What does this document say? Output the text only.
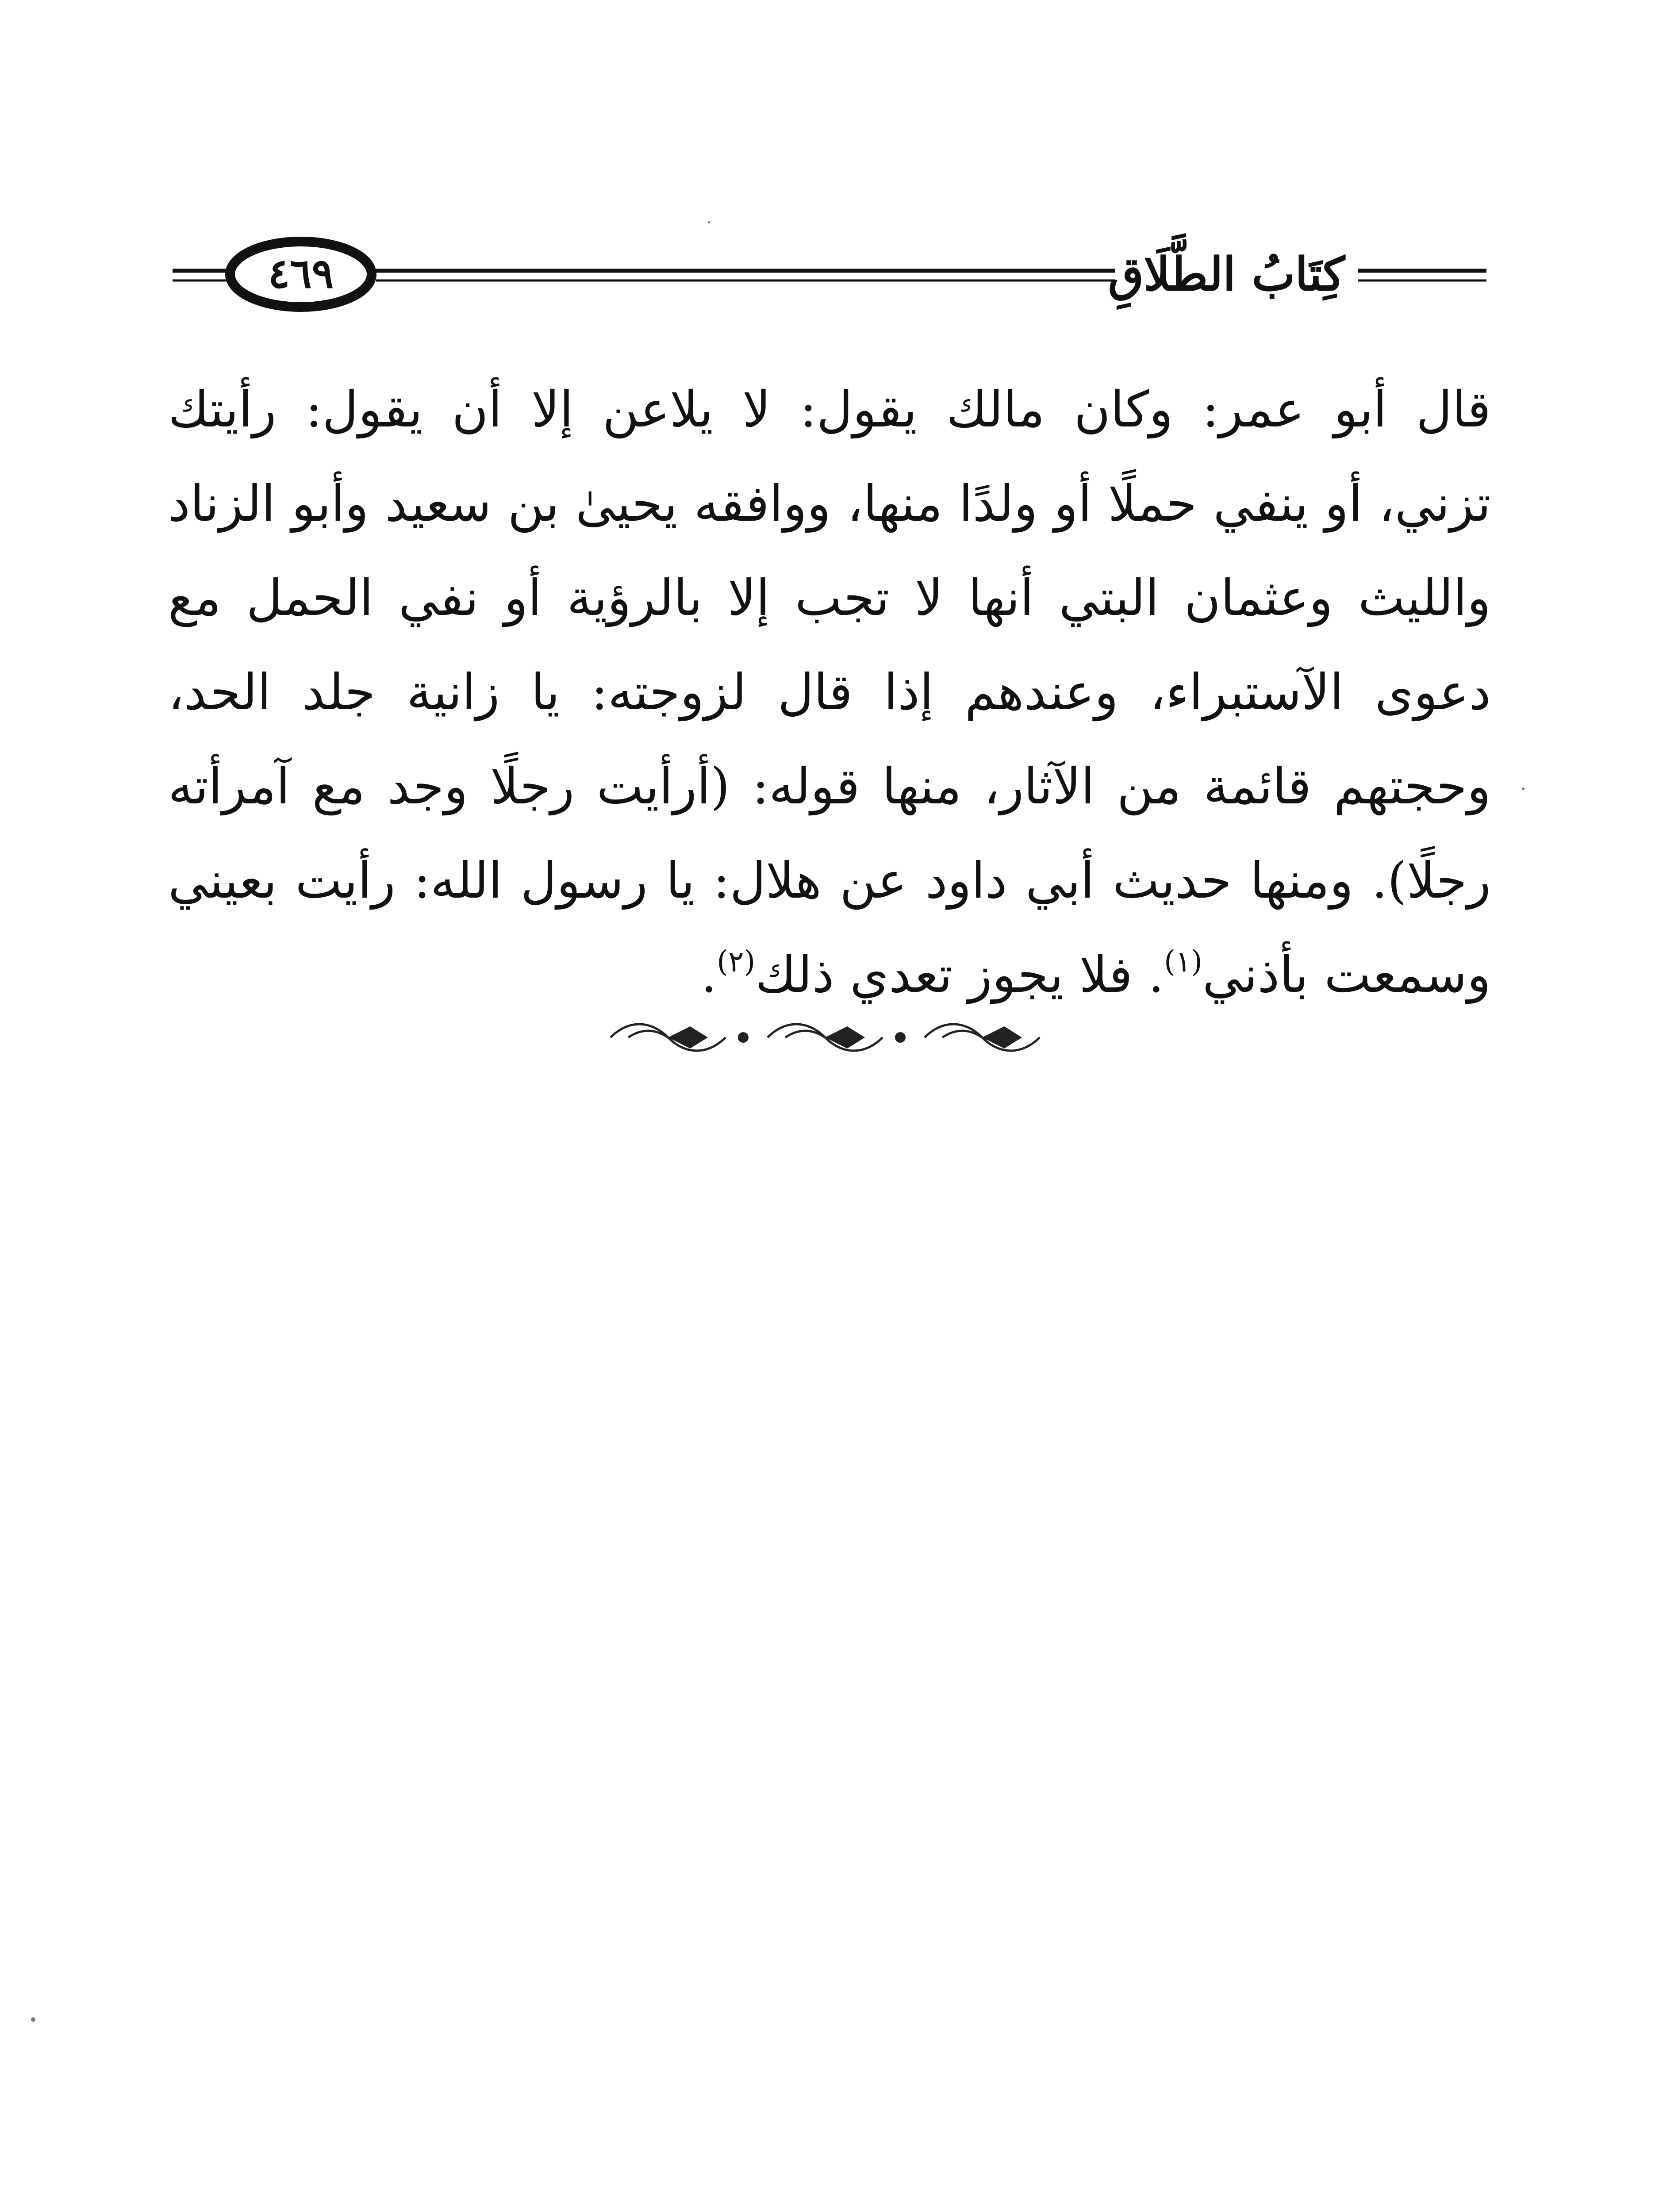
كِتَابُ الطَّلَاقِ
٤٦٩
قال أبو عمر: وكان مالك يقول: لا يلاعن إلا أن يقول: رأيتك
تزني، أو ينفي حملًا أو ولدًا منها، ووافقه يحيىٰ بن سعيد وأبو الزناد
والليث وعثمان البتي أنها لا تجب إلا بالرؤية أو نفي الحمل مع
دعوى الآستبراء، وعندهم إذا قال لزوجته: يا زانية جلد الحد،
وحجتهم قائمة من الآثار، منها قوله: (أرأيت رجلًا وجد مع آمرأته
رجلًا). ومنها حديث أبي داود عن هلال: يا رسول الله: رأيت بعيني
وسمعت بأذني$^{(١)}$. فلا يجوز تعدي ذلك$^{(٢)}$.
